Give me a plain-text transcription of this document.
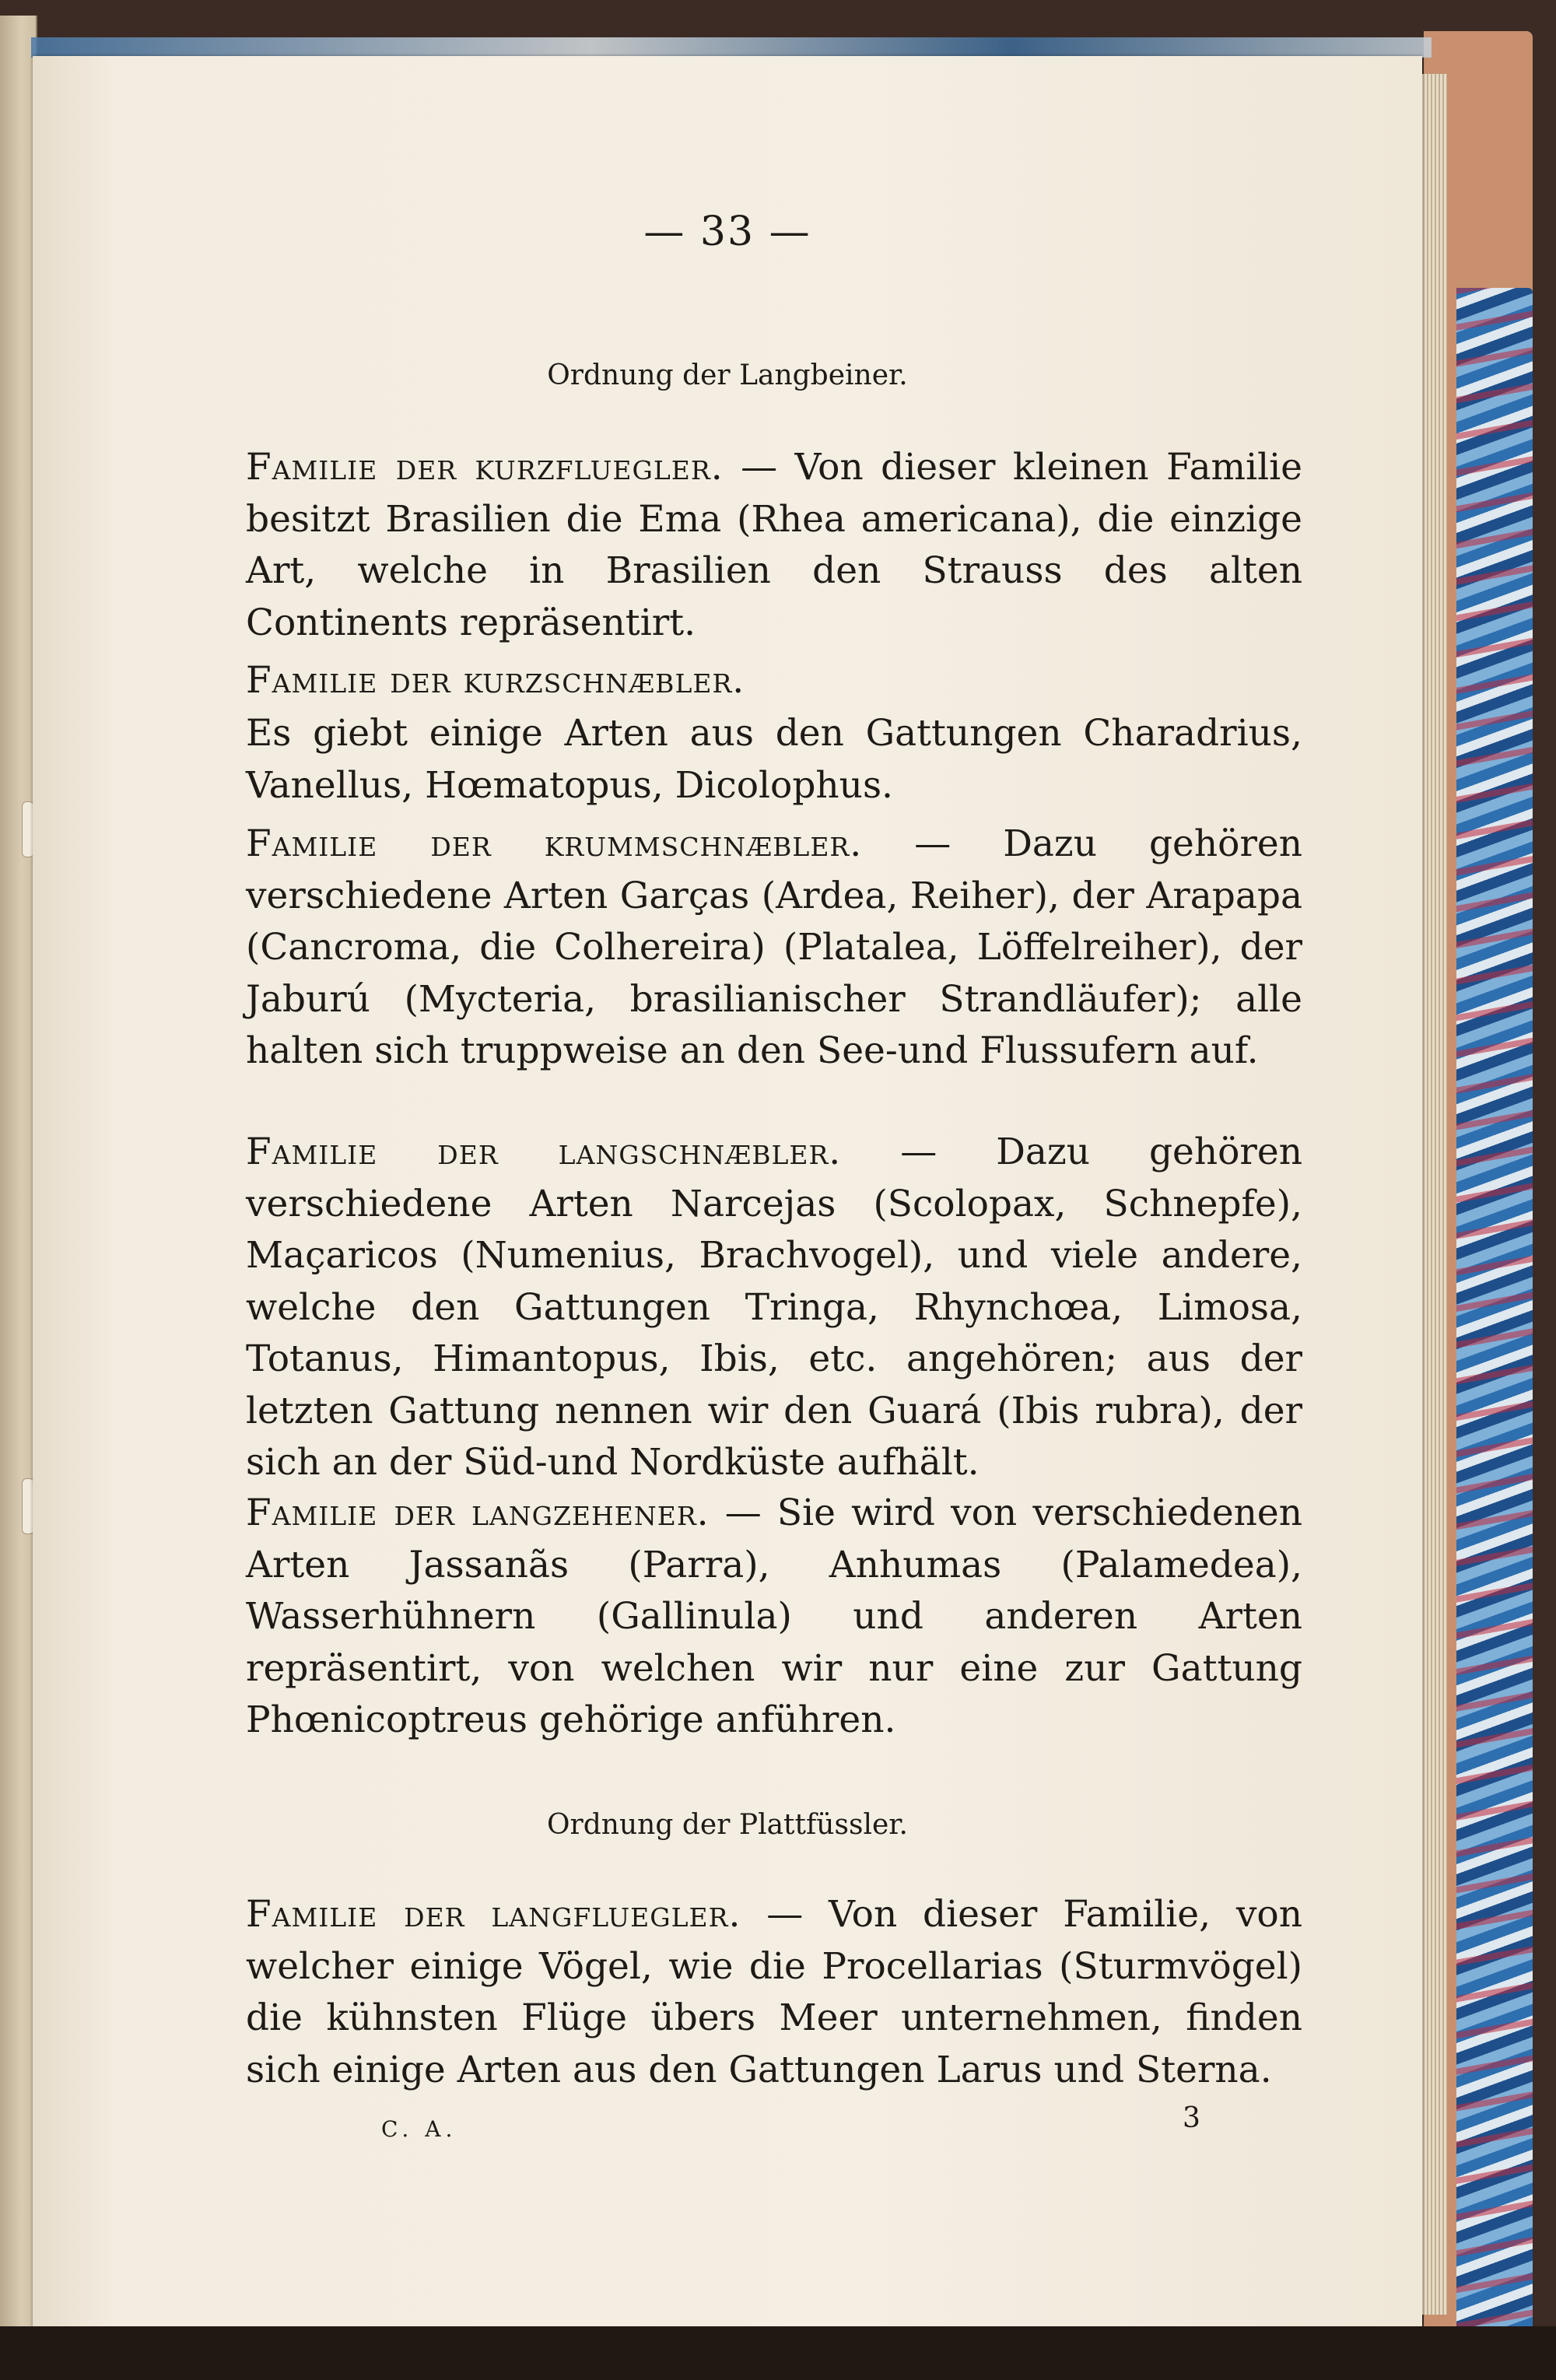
— 33 —
Ordnung der Langbeiner.
Familie der kurzfluegler. — Von dieser kleinen Familie besitzt Brasilien die Ema (Rhea americana), die einzige Art, welche in Brasilien den Strauss des alten Continents repräsentirt.
Familie der kurzschnæbler.
Es giebt einige Arten aus den Gattungen Charadrius, Vanellus, Hœmatopus, Dicolophus.
Familie der krummschnæbler. — Dazu gehören verschiedene Arten Garças (Ardea, Reiher), der Arapapa (Cancroma, die Colhereira) (Platalea, Löffelreiher), der Jaburú (Mycteria, brasilianischer Strandläufer); alle halten sich truppweise an den See-und Flussufern auf.
Familie der langschnæbler. — Dazu gehören verschiedene Arten Narcejas (Scolopax, Schnepfe), Maçaricos (Numenius, Brachvogel), und viele andere, welche den Gattungen Tringa, Rhynchœa, Limosa, Totanus, Himantopus, Ibis, etc. angehören; aus der letzten Gattung nennen wir den Guará (Ibis rubra), der sich an der Süd-und Nordküste aufhält.
Familie der langzehener. — Sie wird von verschiedenen Arten Jassanãs (Parra), Anhumas (Palamedea), Wasserhühnern (Gallinula) und anderen Arten repräsentirt, von welchen wir nur eine zur Gattung Phœnicoptreus gehörige anführen.
Ordnung der Plattfüssler.
Familie der langfluegler. — Von dieser Familie, von welcher einige Vögel, wie die Procellarias (Sturmvögel) die kühnsten Flüge übers Meer unternehmen, finden sich einige Arten aus den Gattungen Larus und Sterna.
C. A.	3
